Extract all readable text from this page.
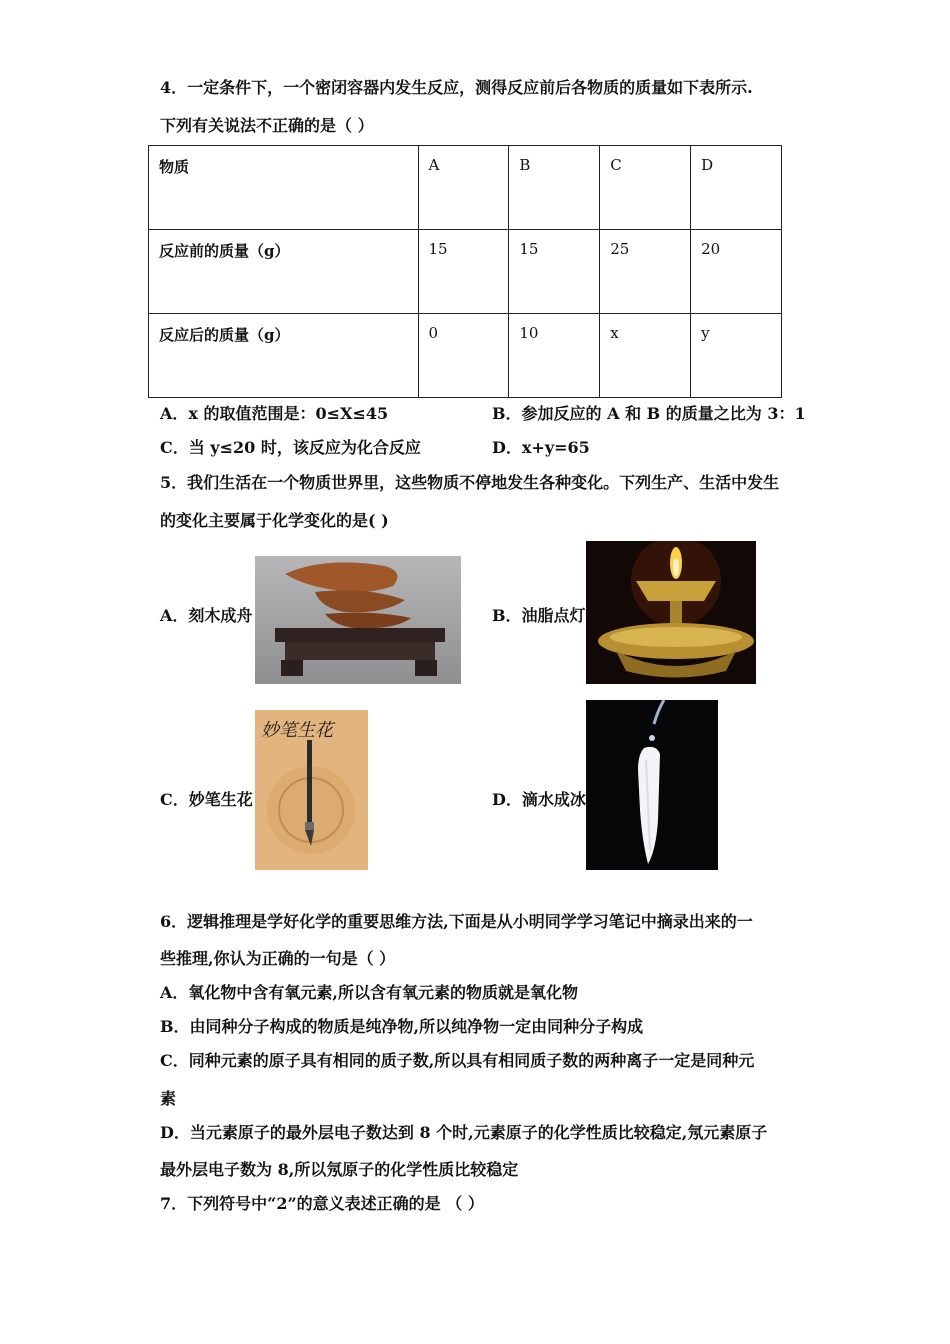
4．一定条件下，一个密闭容器内发生反应，测得反应前后各物质的质量如下表所示.
下列有关说法不正确的是（ ）
物质	A	B	C	D
反应前的质量（g）	15	15	25	20
反应后的质量（g）	0	10	x	y
A．x 的取值范围是：0≤X≤45	B．参加反应的 A 和 B 的质量之比为 3：1
C．当 y≤20 时，该反应为化合反应	D．x+y=65
5．我们生活在一个物质世界里，这些物质不停地发生各种变化。下列生产、生活中发生
的变化主要属于化学变化的是( )
A．刻木成舟	B．油脂点灯
C．妙笔生花
妙笔生花
D．滴水成冰
6．逻辑推理是学好化学的重要思维方法,下面是从小明同学学习笔记中摘录出来的一
些推理,你认为正确的一句是（ ）
A．氧化物中含有氧元素,所以含有氧元素的物质就是氧化物
B．由同种分子构成的物质是纯净物,所以纯净物一定由同种分子构成
C．同种元素的原子具有相同的质子数,所以具有相同质子数的两种离子一定是同种元
素
D．当元素原子的最外层电子数达到 8 个时,元素原子的化学性质比较稳定,氖元素原子
最外层电子数为 8,所以氖原子的化学性质比较稳定
7．下列符号中“2”的意义表述正确的是 （ ）
